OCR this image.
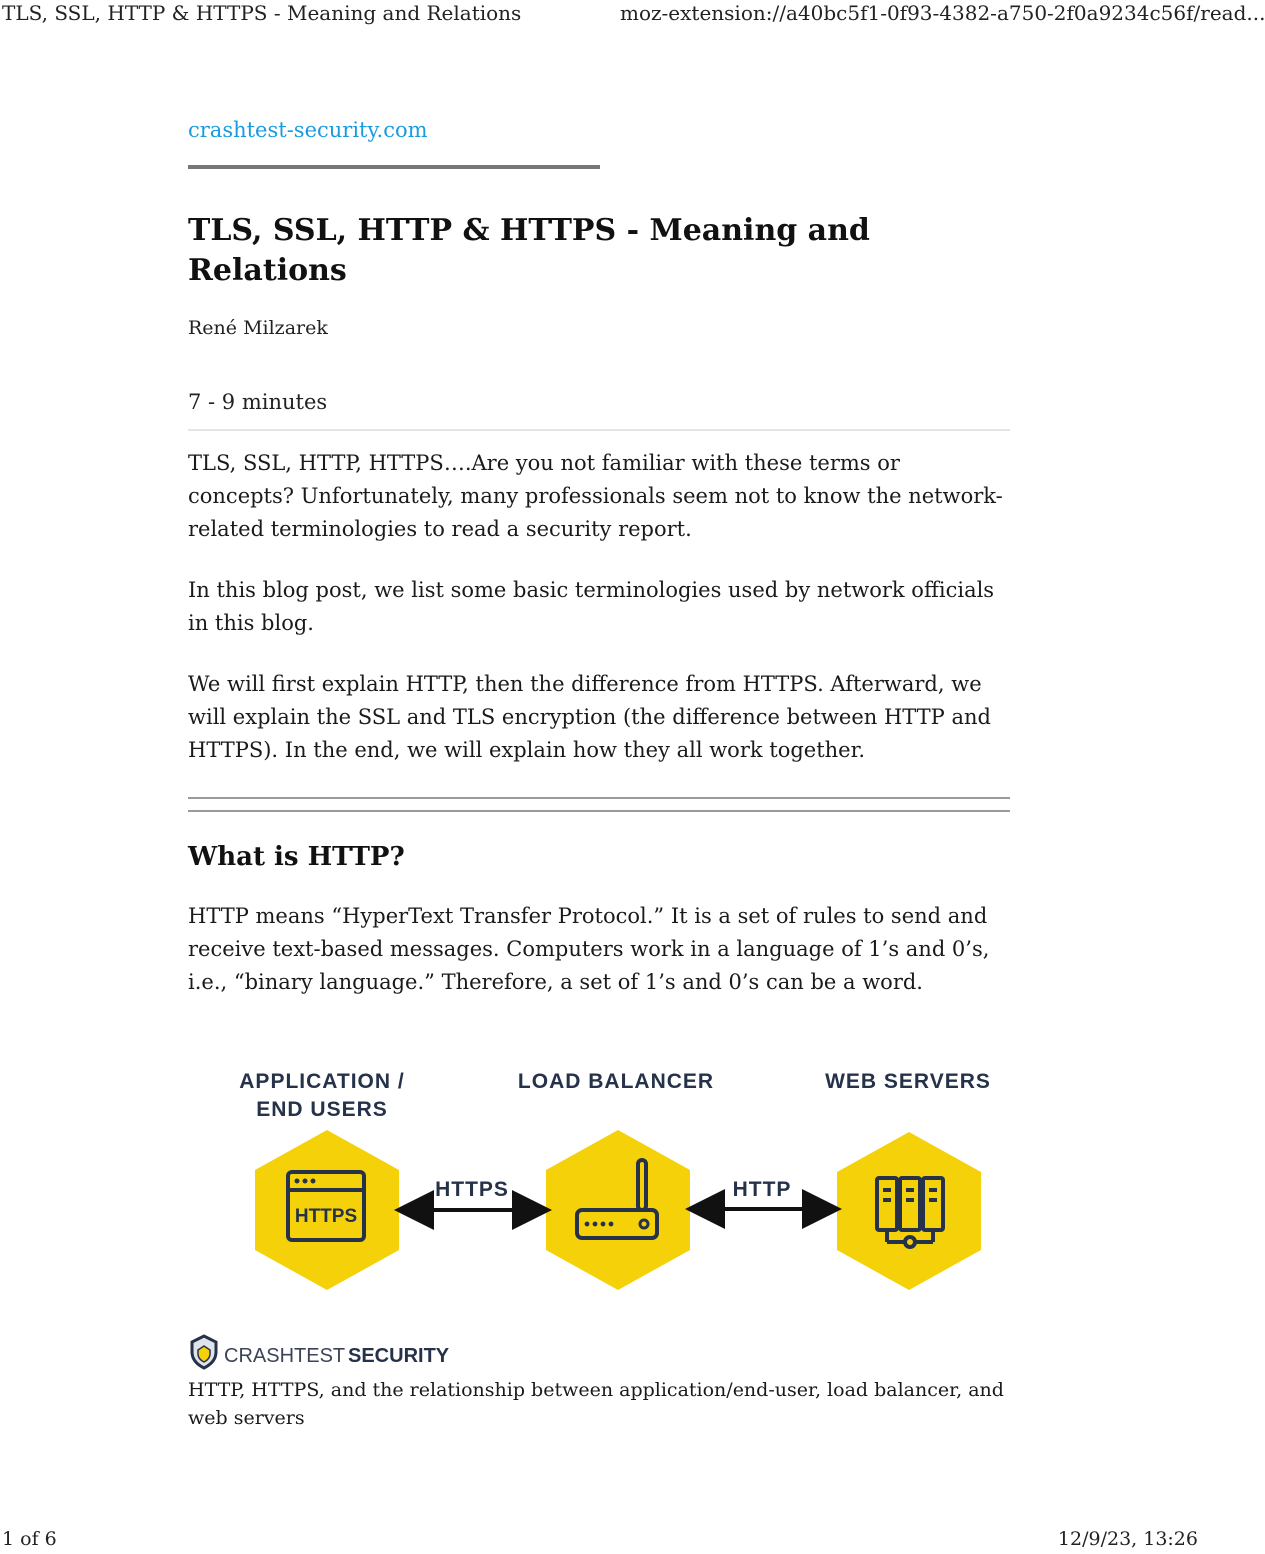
TLS, SSL, HTTP & HTTPS - Meaning and Relations	moz-extension://a40bc5f1-0f93-4382-a750-2f0a9234c56f/read...
crashtest-security.com
TLS, SSL, HTTP & HTTPS - Meaning and Relations
René Milzarek
7 - 9 minutes

TLS, SSL, HTTP, HTTPS….Are you not familiar with these terms or concepts? Unfortunately, many professionals seem not to know the network-related terminologies to read a security report.

In this blog post, we list some basic terminologies used by network officials in this blog.

We will first explain HTTP, then the difference from HTTPS. Afterward, we will explain the SSL and TLS encryption (the difference between HTTP and HTTPS). In the end, we will explain how they all work together.

What is HTTP?

HTTP means “HyperText Transfer Protocol.” It is a set of rules to send and receive text-based messages. Computers work in a language of 1’s and 0’s, i.e., “binary language.” Therefore, a set of 1’s and 0’s can be a word.

APPLICATION /
END USERS
LOAD BALANCER	WEB SERVERS
HTTPS	HTTP
HTTPS
CRASHTEST SECURITY
HTTP, HTTPS, and the relationship between application/end-user, load balancer, and web servers
1 of 6	12/9/23, 13:26
